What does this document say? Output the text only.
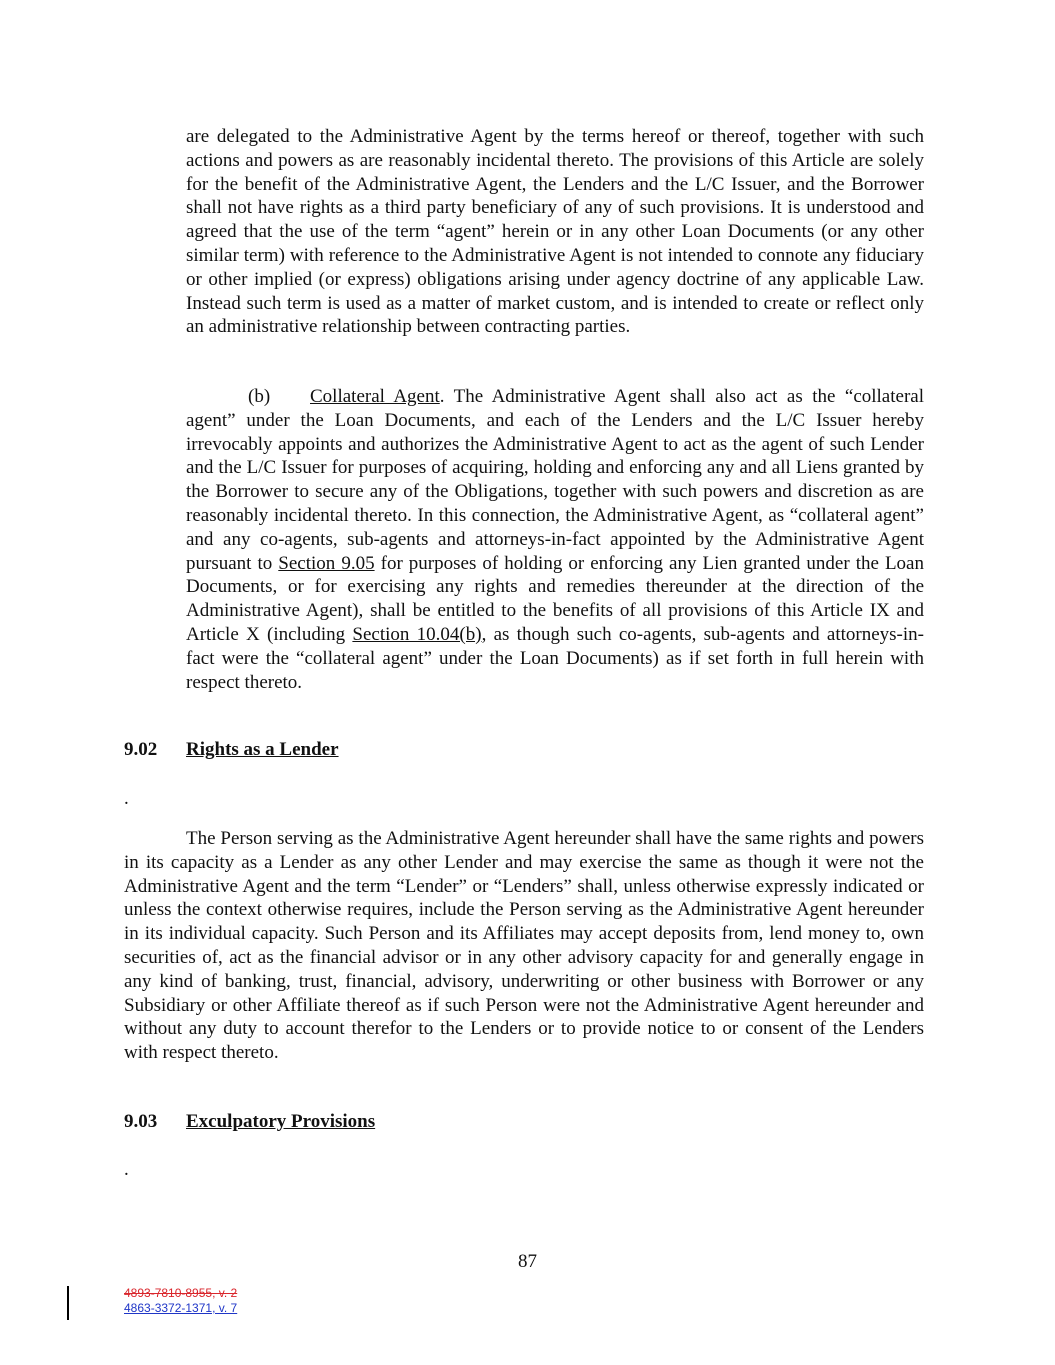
are delegated to the Administrative Agent by the terms hereof or thereof, together with such actions and powers as are reasonably incidental thereto. The provisions of this Article are solely for the benefit of the Administrative Agent, the Lenders and the L/C Issuer, and the Borrower shall not have rights as a third party beneficiary of any of such provisions. It is understood and agreed that the use of the term “agent” herein or in any other Loan Documents (or any other similar term) with reference to the Administrative Agent is not intended to connote any fiduciary or other implied (or express) obligations arising under agency doctrine of any applicable Law. Instead such term is used as a matter of market custom, and is intended to create or reflect only an administrative relationship between contracting parties.

(b) Collateral Agent. The Administrative Agent shall also act as the “collateral agent” under the Loan Documents, and each of the Lenders and the L/C Issuer hereby irrevocably appoints and authorizes the Administrative Agent to act as the agent of such Lender and the L/C Issuer for purposes of acquiring, holding and enforcing any and all Liens granted by the Borrower to secure any of the Obligations, together with such powers and discretion as are reasonably incidental thereto. In this connection, the Administrative Agent, as “collateral agent” and any co-agents, sub-agents and attorneys-in-fact appointed by the Administrative Agent pursuant to Section 9.05 for purposes of holding or enforcing any Lien granted under the Loan Documents, or for exercising any rights and remedies thereunder at the direction of the Administrative Agent), shall be entitled to the benefits of all provisions of this Article IX and Article X (including Section 10.04(b), as though such co-agents, sub-agents and attorneys-in-fact were the “collateral agent” under the Loan Documents) as if set forth in full herein with respect thereto.

9.02 Rights as a Lender

.

The Person serving as the Administrative Agent hereunder shall have the same rights and powers in its capacity as a Lender as any other Lender and may exercise the same as though it were not the Administrative Agent and the term “Lender” or “Lenders” shall, unless otherwise expressly indicated or unless the context otherwise requires, include the Person serving as the Administrative Agent hereunder in its individual capacity. Such Person and its Affiliates may accept deposits from, lend money to, own securities of, act as the financial advisor or in any other advisory capacity for and generally engage in any kind of banking, trust, financial, advisory, underwriting or other business with Borrower or any Subsidiary or other Affiliate thereof as if such Person were not the Administrative Agent hereunder and without any duty to account therefor to the Lenders or to provide notice to or consent of the Lenders with respect thereto.

9.03 Exculpatory Provisions

.

87
4893-7810-8955, v. 2
4863-3372-1371, v. 7
